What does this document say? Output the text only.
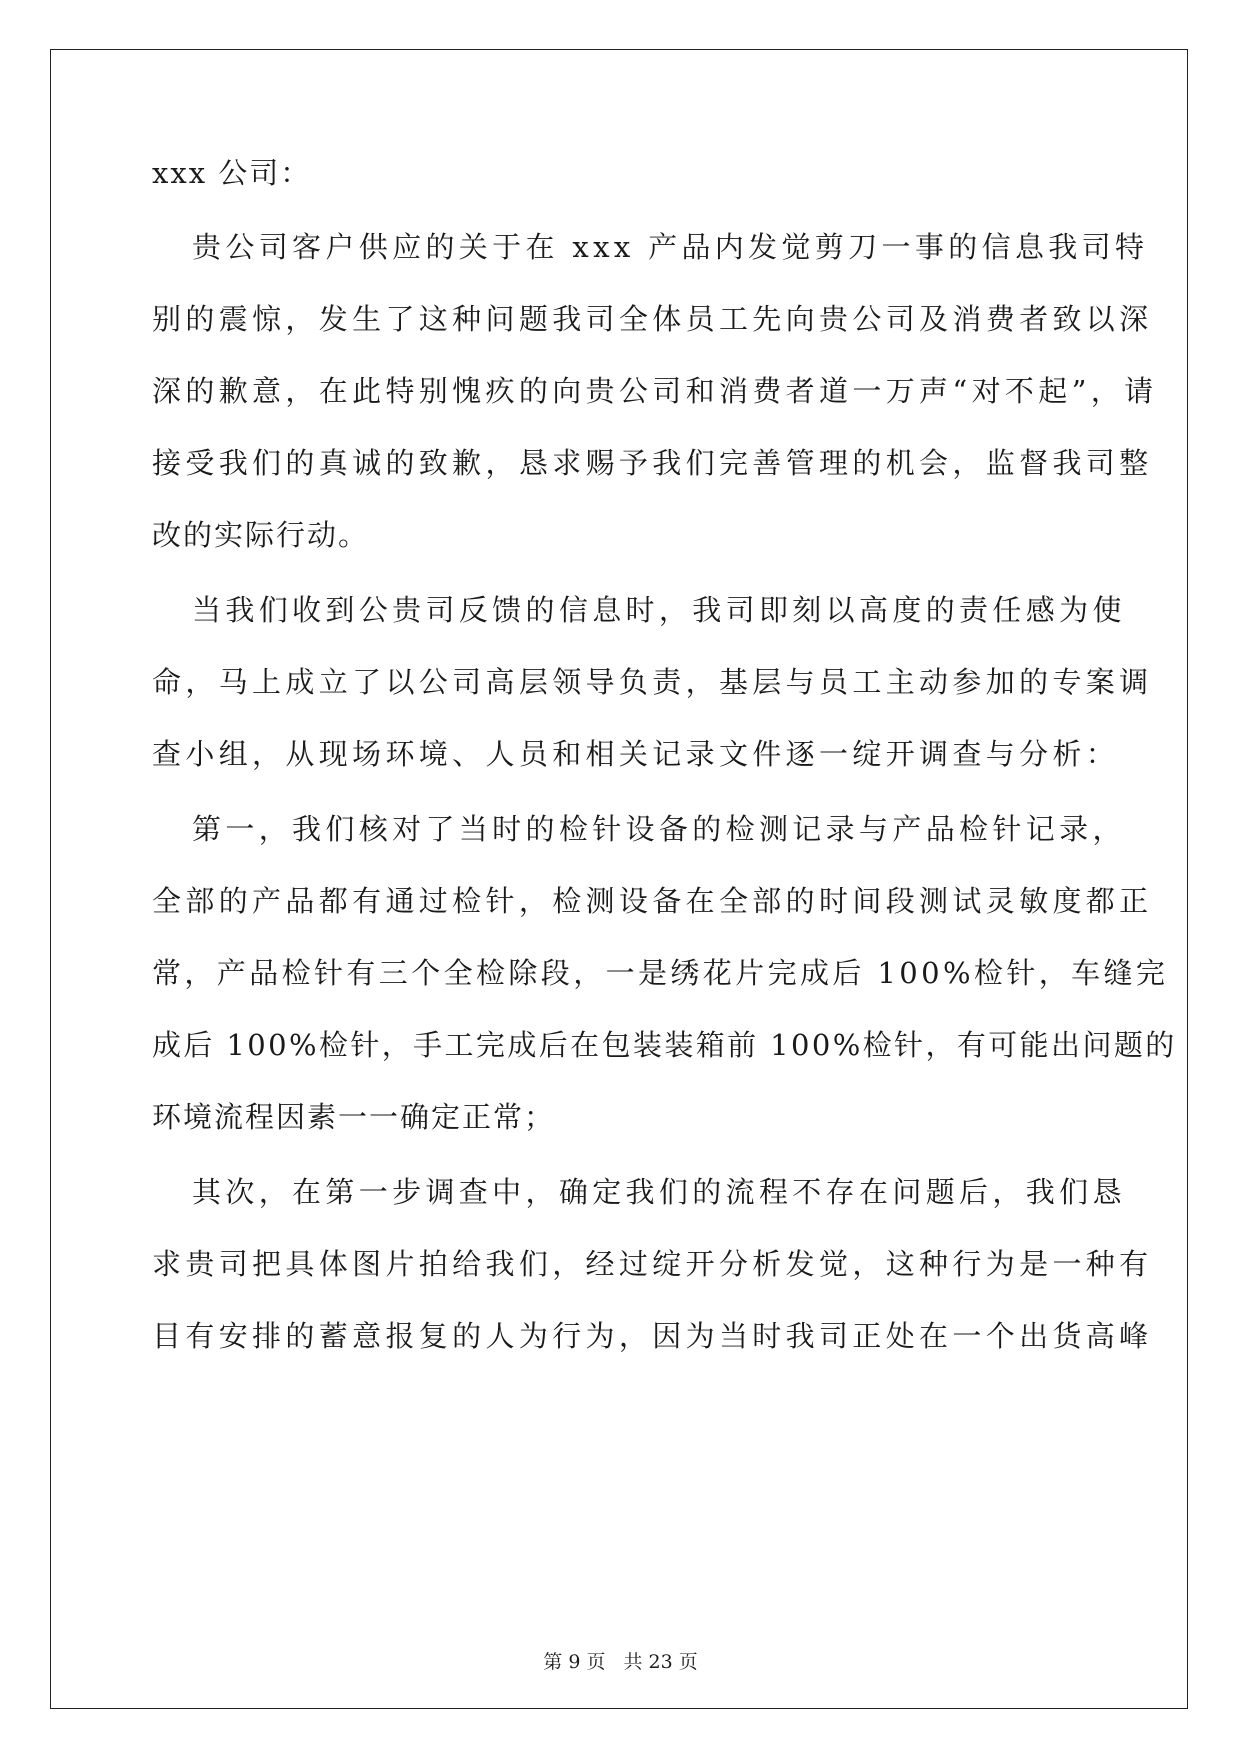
xxx 公司：

贵公司客户供应的关于在 xxx 产品内发觉剪刀一事的信息我司特

别的震惊，发生了这种问题我司全体员工先向贵公司及消费者致以深

深的歉意，在此特别愧疚的向贵公司和消费者道一万声“对不起”，请

接受我们的真诚的致歉，恳求赐予我们完善管理的机会，监督我司整

改的实际行动。

当我们收到公贵司反馈的信息时，我司即刻以高度的责任感为使

命，马上成立了以公司高层领导负责，基层与员工主动参加的专案调

查小组，从现场环境、人员和相关记录文件逐一绽开调查与分析：

第一，我们核对了当时的检针设备的检测记录与产品检针记录，

全部的产品都有通过检针，检测设备在全部的时间段测试灵敏度都正

常，产品检针有三个全检除段，一是绣花片完成后 100%检针，车缝完

成后 100%检针，手工完成后在包装装箱前 100%检针，有可能出问题的

环境流程因素一一确定正常；

其次，在第一步调查中，确定我们的流程不存在问题后，我们恳

求贵司把具体图片拍给我们，经过绽开分析发觉，这种行为是一种有

目有安排的蓄意报复的人为行为，因为当时我司正处在一个出货高峰

第 9 页 共 23 页
